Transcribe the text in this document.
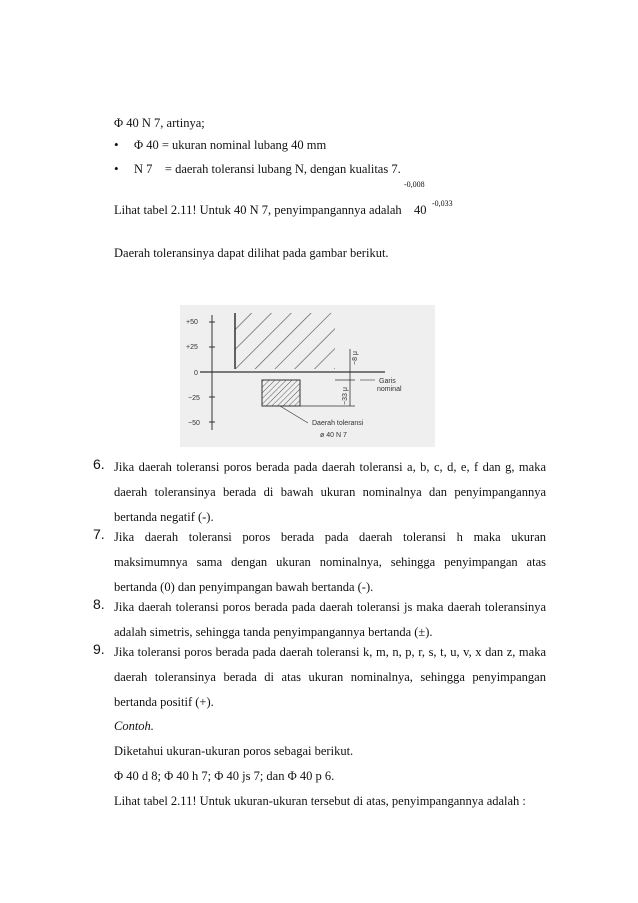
Φ 40 N 7, artinya;
• Φ 40 = ukuran nominal lubang 40 mm
• N 7    = daerah toleransi lubang N, dengan kualitas 7.
-0,008
Lihat tabel 2.11! Untuk 40 N 7, penyimpangannya adalah 40 -0,033
Daerah toleransinya dapat dilihat pada gambar berikut.
+50
+25
0
−25
−50
−8 μ
−33 μ
Garis
nominal
Daerah toleransi
ø 40 N 7
6. Jika daerah toleransi poros berada pada daerah toleransi a, b, c, d, e, f dan g, maka
daerah toleransinya berada di bawah ukuran nominalnya dan penyimpangannya
bertanda negatif (-).
7. Jika daerah toleransi poros berada pada daerah toleransi h maka ukuran
maksimumnya sama dengan ukuran nominalnya, sehingga penyimpangan atas
bertanda (0) dan penyimpangan bawah bertanda (-).
8. Jika daerah toleransi poros berada pada daerah toleransi js maka daerah toleransinya
adalah simetris, sehingga tanda penyimpangannya bertanda (±).
9. Jika toleransi poros berada pada daerah toleransi k, m, n, p, r, s, t, u, v, x dan z, maka
daerah toleransinya berada di atas ukuran nominalnya, sehingga penyimpangan
bertanda positif (+).
Contoh.
Diketahui ukuran-ukuran poros sebagai berikut.
Φ 40 d 8; Φ 40 h 7; Φ 40 js 7; dan Φ 40 p 6.
Lihat tabel 2.11! Untuk ukuran-ukuran tersebut di atas, penyimpangannya adalah :
